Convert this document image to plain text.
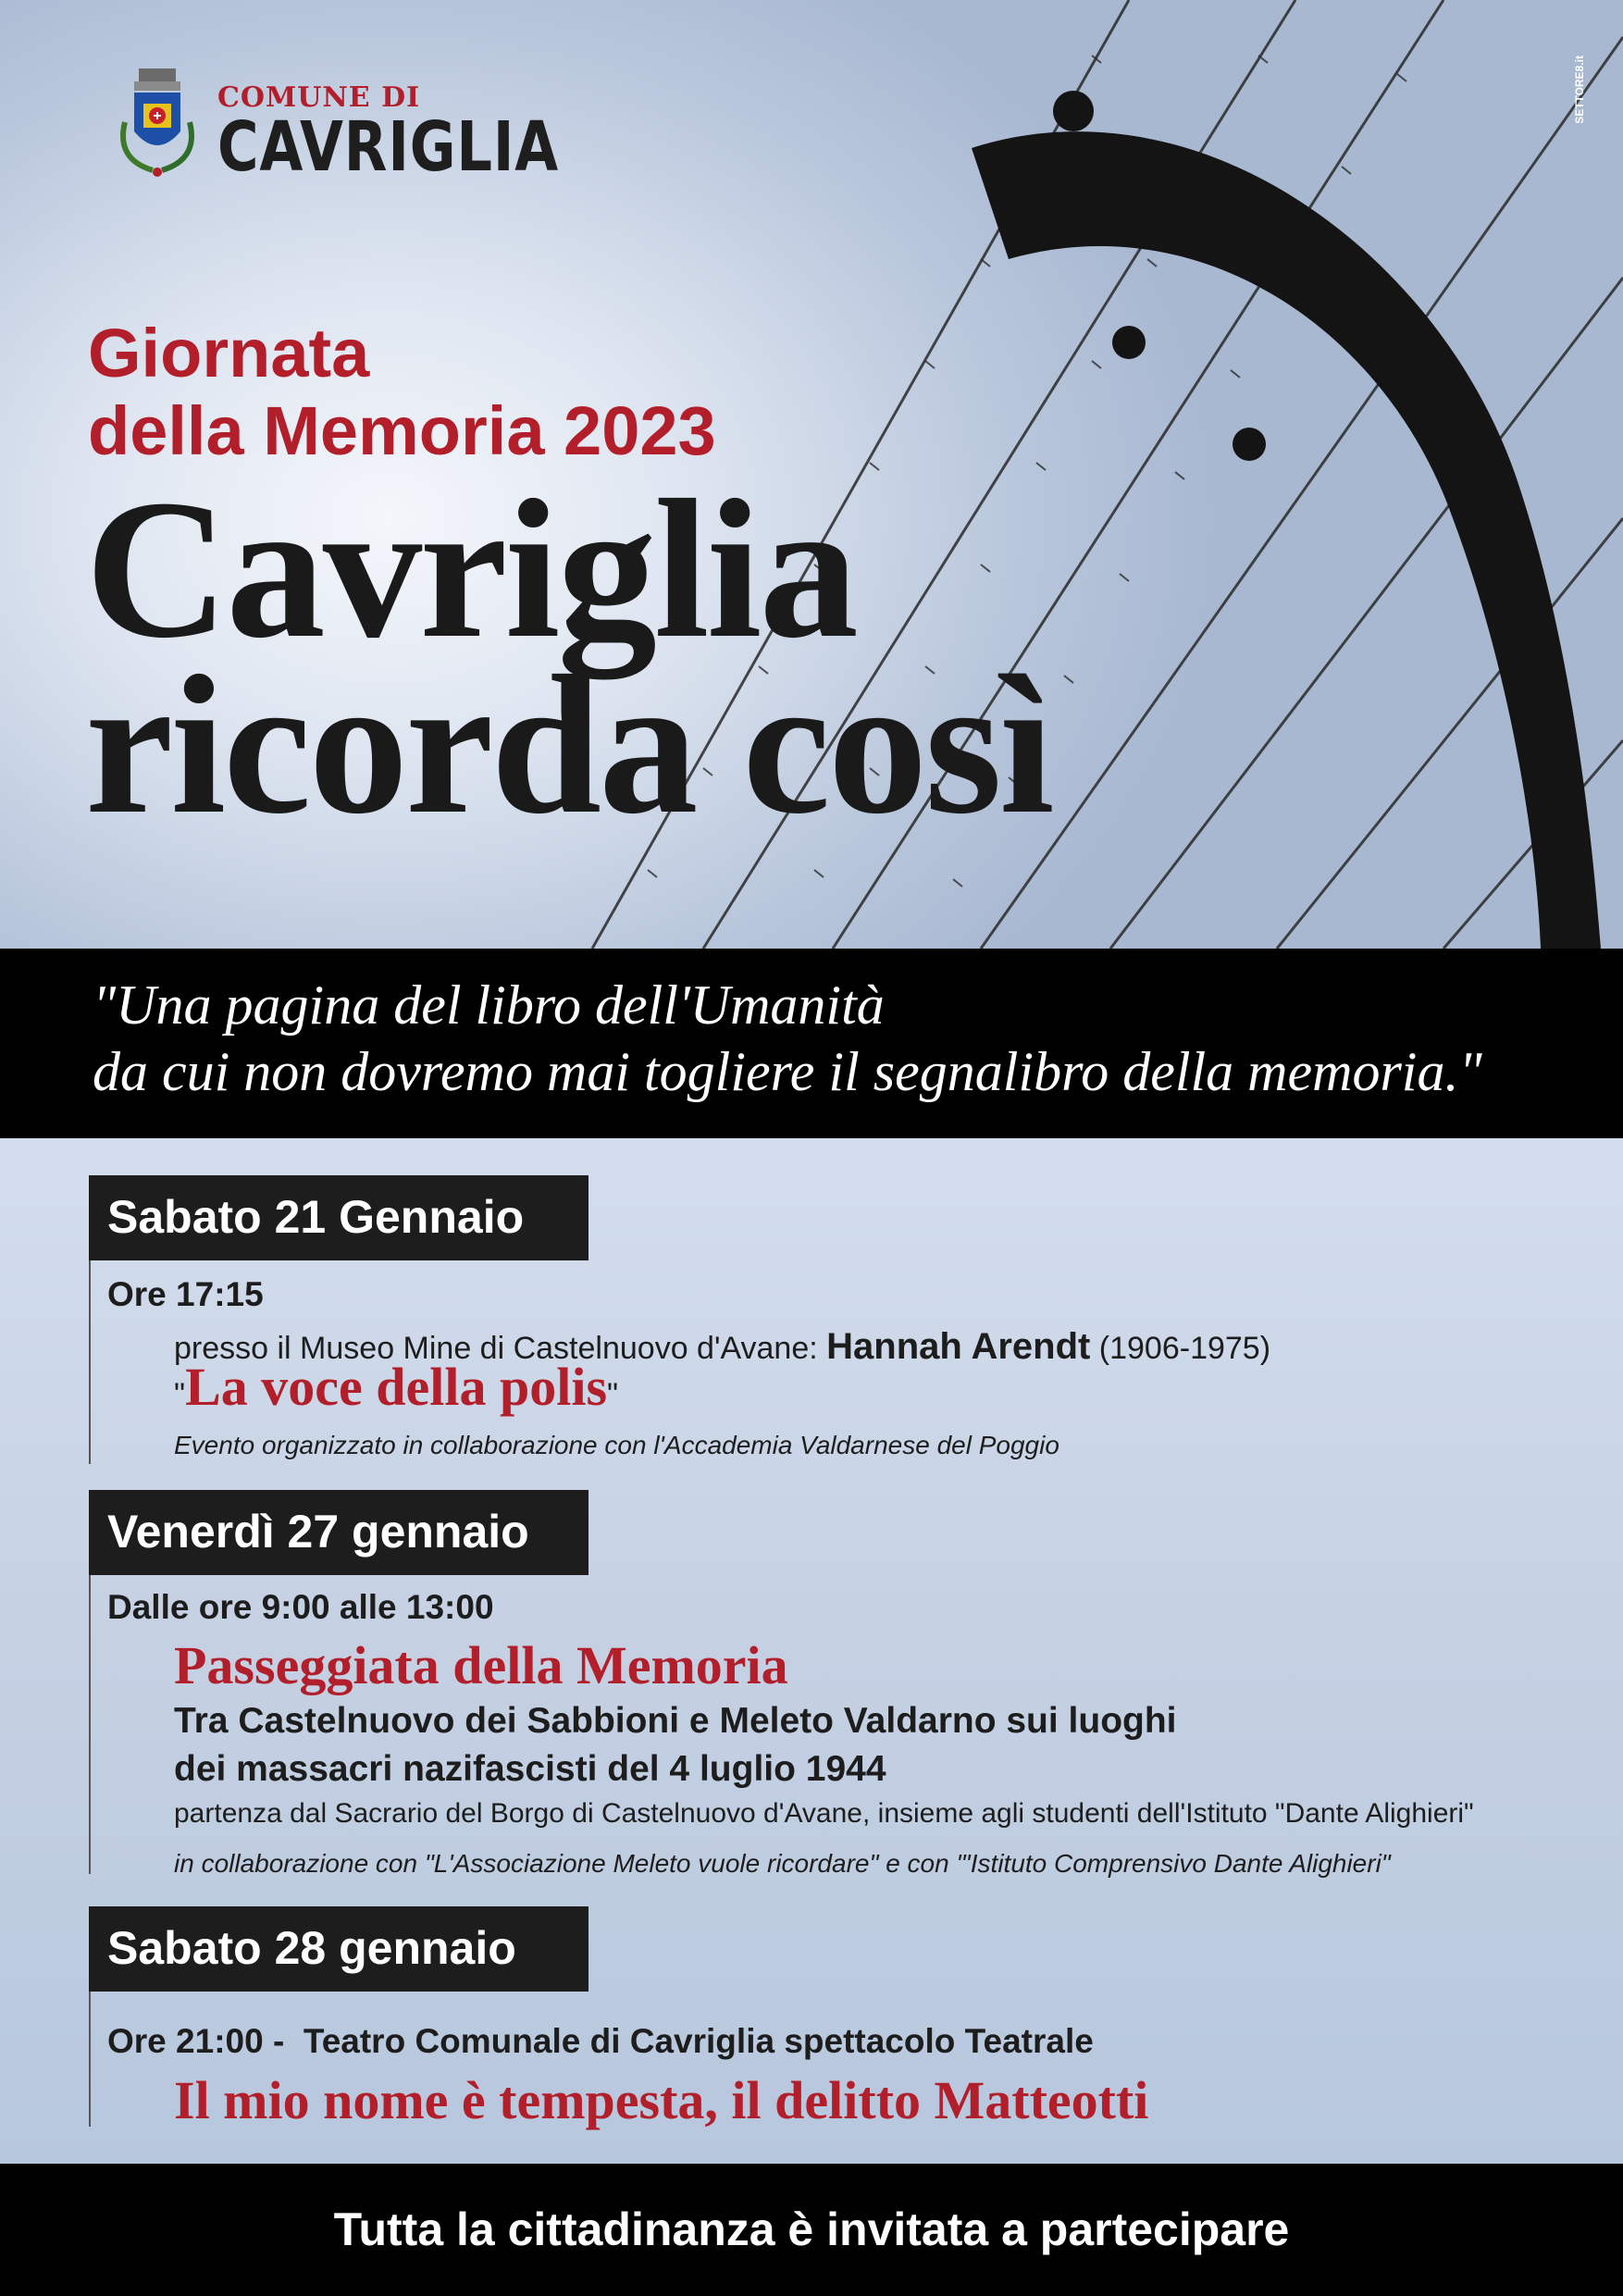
COMUNE DI
CAVRIGLIA
SETTORE8.it
Giornata
della Memoria 2023
Cavriglia
ricorda così
"Una pagina del libro dell'Umanità
da cui non dovremo mai togliere il segnalibro della memoria."
Sabato 21 Gennaio
Ore 17:15
presso il Museo Mine di Castelnuovo d'Avane: Hannah Arendt (1906-1975)
"La voce della polis"
Evento organizzato in collaborazione con l'Accademia Valdarnese del Poggio
Venerdì 27 gennaio
Dalle ore 9:00 alle 13:00
Passeggiata della Memoria
Tra Castelnuovo dei Sabbioni e Meleto Valdarno sui luoghi
dei massacri nazifascisti del 4 luglio 1944
partenza dal Sacrario del Borgo di Castelnuovo d'Avane, insieme agli studenti dell'Istituto "Dante Alighieri"
in collaborazione con "L'Associazione Meleto vuole ricordare" e con "'Istituto Comprensivo Dante Alighieri"
Sabato 28 gennaio
Ore 21:00 - Teatro Comunale di Cavriglia spettacolo Teatrale
Il mio nome è tempesta, il delitto Matteotti
Tutta la cittadinanza è invitata a partecipare
